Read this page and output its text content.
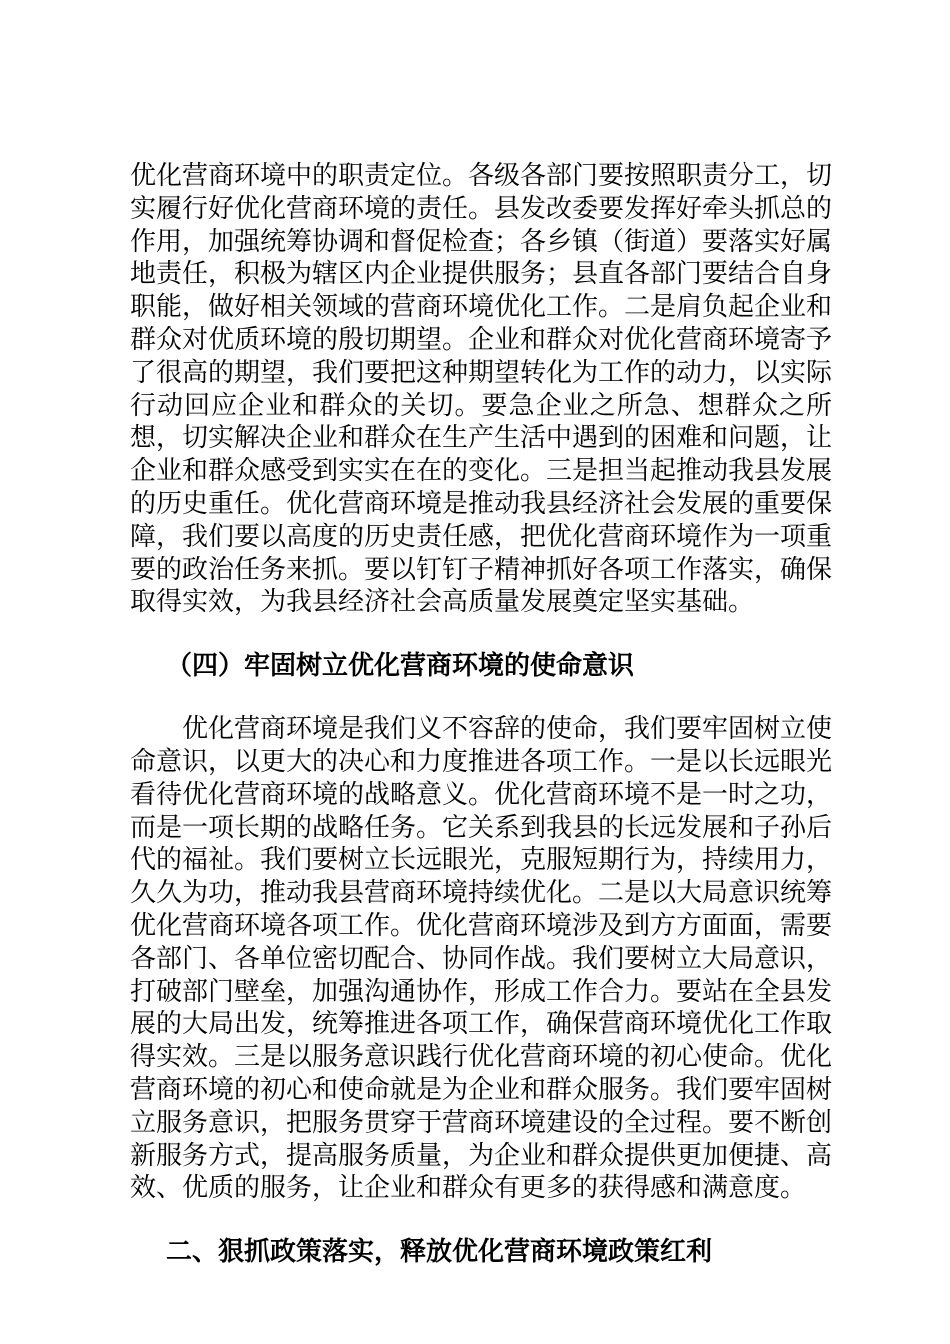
优化营商环境中的职责定位。各级各部门要按照职责分工，切实履行好优化营商环境的责任。县发改委要发挥好牵头抓总的作用，加强统筹协调和督促检查；各乡镇（街道）要落实好属地责任，积极为辖区内企业提供服务；县直各部门要结合自身职能，做好相关领域的营商环境优化工作。二是肩负起企业和群众对优质环境的殷切期望。企业和群众对优化营商环境寄予了很高的期望，我们要把这种期望转化为工作的动力，以实际行动回应企业和群众的关切。要急企业之所急、想群众之所想，切实解决企业和群众在生产生活中遇到的困难和问题，让企业和群众感受到实实在在的变化。三是担当起推动我县发展的历史重任。优化营商环境是推动我县经济社会发展的重要保障，我们要以高度的历史责任感，把优化营商环境作为一项重要的政治任务来抓。要以钉钉子精神抓好各项工作落实，确保取得实效，为我县经济社会高质量发展奠定坚实基础。

（四）牢固树立优化营商环境的使命意识

优化营商环境是我们义不容辞的使命，我们要牢固树立使命意识，以更大的决心和力度推进各项工作。一是以长远眼光看待优化营商环境的战略意义。优化营商环境不是一时之功，而是一项长期的战略任务。它关系到我县的长远发展和子孙后代的福祉。我们要树立长远眼光，克服短期行为，持续用力，久久为功，推动我县营商环境持续优化。二是以大局意识统筹优化营商环境各项工作。优化营商环境涉及到方方面面，需要各部门、各单位密切配合、协同作战。我们要树立大局意识，打破部门壁垒，加强沟通协作，形成工作合力。要站在全县发展的大局出发，统筹推进各项工作，确保营商环境优化工作取得实效。三是以服务意识践行优化营商环境的初心使命。优化营商环境的初心和使命就是为企业和群众服务。我们要牢固树立服务意识，把服务贯穿于营商环境建设的全过程。要不断创新服务方式，提高服务质量，为企业和群众提供更加便捷、高效、优质的服务，让企业和群众有更多的获得感和满意度。

二、狠抓政策落实，释放优化营商环境政策红利
